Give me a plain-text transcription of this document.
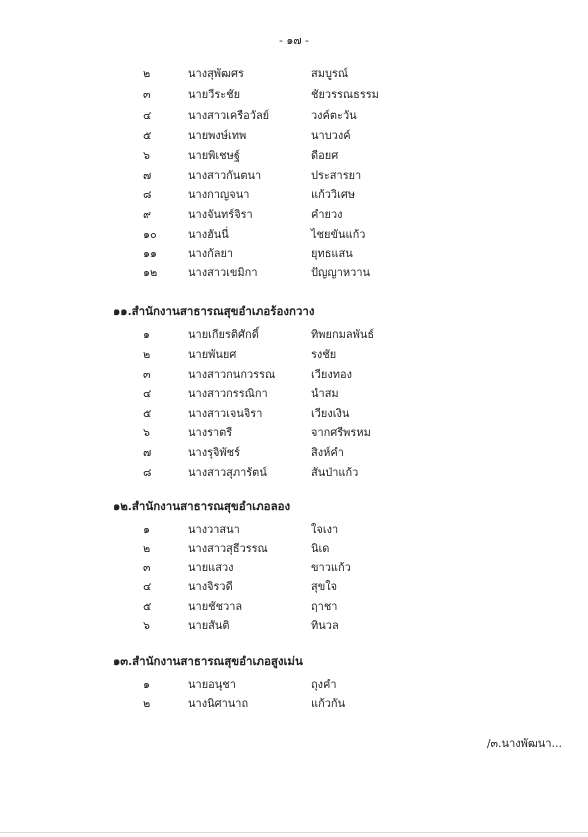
- ๑๗ -
๒	นางสุพัฒศร	สมบูรณ์
๓	นายวีระชัย	ชัยวรรณธรรม
๔	นางสาวเครือวัลย์	วงค์ตะวัน
๕	นายพงษ์เทพ	นาบวงค์
๖	นายพิเชษฐ์	ดีอยศ
๗	นางสาวกันตนา	ประสารยา
๘	นางกาญจนา	แก้ววิเศษ
๙	นางจันทร์จิรา	คำยวง
๑๐	นางฮันนี่	ไชยขันแก้ว
๑๑	นางกัลยา	ยุทธแสน
๑๒	นางสาวเขมิกา	ปัญญาหวาน
๑๑.สำนักงานสาธารณสุขอำเภอร้องกวาง
๑	นายเกียรติศักดิ์	ทิพยกมลพันธ์
๒	นายพันยศ	รงชัย
๓	นางสาวกนกวรรณ	เวียงทอง
๔	นางสาวกรรณิกา	นำสม
๕	นางสาวเจนจิรา	เวียงเงิน
๖	นางราตรี	จากศรีพรหม
๗	นางรุจิพัชร์	สิงห์คำ
๘	นางสาวสุภารัตน์	สันป่าแก้ว
๑๒.สำนักงานสาธารณสุขอำเภอลอง
๑	นางวาสนา	ใจเงา
๒	นางสาวสุธีวรรณ	นิเด
๓	นายแสวง	ขาวแก้ว
๔	นางจิรวดี	สุขใจ
๕	นายชัชวาล	ฤาชา
๖	นายสันติ	ทินวล
๑๓.สำนักงานสาธารณสุขอำเภอสูงเม่น
๑	นายอนุชา	ถุงคำ
๒	นางนิศานาถ	แก้วกัน
/๓.นางพัฒนา...
